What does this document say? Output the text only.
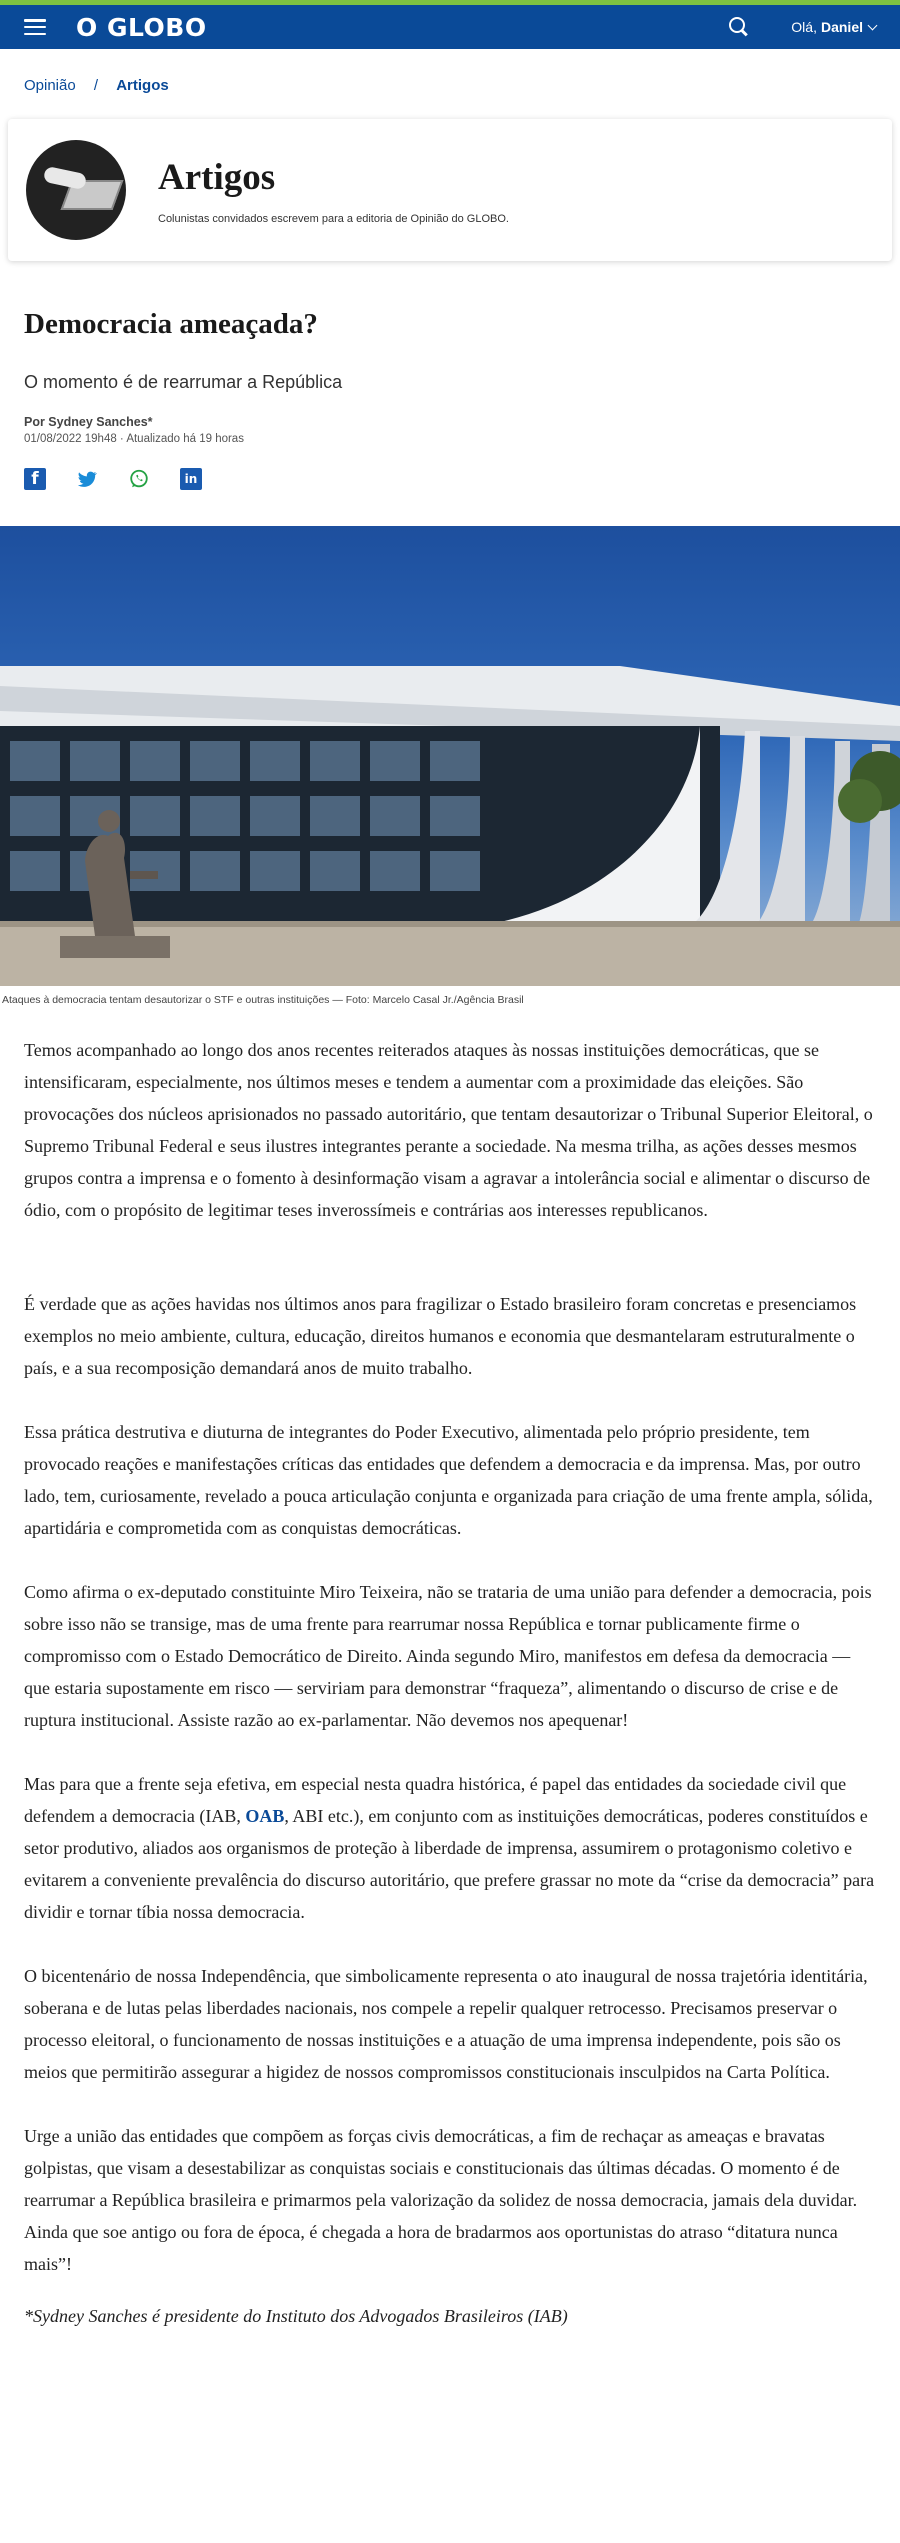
O GLOBO	Olá, Daniel
Opinião / Artigos
Artigos
Colunistas convidados escrevem para a editoria de Opinião do GLOBO.
Democracia ameaçada?
O momento é de rearrumar a República
Por Sydney Sanches*
01/08/2022 19h48 · Atualizado há 19 horas
f	in
Ataques à democracia tentam desautorizar o STF e outras instituições — Foto: Marcelo Casal Jr./Agência Brasil

Temos acompanhado ao longo dos anos recentes reiterados ataques às nossas instituições democráticas, que se intensificaram, especialmente, nos últimos meses e tendem a aumentar com a proximidade das eleições. São provocações dos núcleos aprisionados no passado autoritário, que tentam desautorizar o Tribunal Superior Eleitoral, o Supremo Tribunal Federal e seus ilustres integrantes perante a sociedade. Na mesma trilha, as ações desses mesmos grupos contra a imprensa e o fomento à desinformação visam a agravar a intolerância social e alimentar o discurso de ódio, com o propósito de legitimar teses inverossímeis e contrárias aos interesses republicanos.

É verdade que as ações havidas nos últimos anos para fragilizar o Estado brasileiro foram concretas e presenciamos exemplos no meio ambiente, cultura, educação, direitos humanos e economia que desmantelaram estruturalmente o país, e a sua recomposição demandará anos de muito trabalho.

Essa prática destrutiva e diuturna de integrantes do Poder Executivo, alimentada pelo próprio presidente, tem provocado reações e manifestações críticas das entidades que defendem a democracia e da imprensa. Mas, por outro lado, tem, curiosamente, revelado a pouca articulação conjunta e organizada para criação de uma frente ampla, sólida, apartidária e comprometida com as conquistas democráticas.

Como afirma o ex-deputado constituinte Miro Teixeira, não se trataria de uma união para defender a democracia, pois sobre isso não se transige, mas de uma frente para rearrumar nossa República e tornar publicamente firme o compromisso com o Estado Democrático de Direito. Ainda segundo Miro, manifestos em defesa da democracia — que estaria supostamente em risco — serviriam para demonstrar “fraqueza”, alimentando o discurso de crise e de ruptura institucional. Assiste razão ao ex-parlamentar. Não devemos nos apequenar!

Mas para que a frente seja efetiva, em especial nesta quadra histórica, é papel das entidades da sociedade civil que defendem a democracia (IAB, OAB, ABI etc.), em conjunto com as instituições democráticas, poderes constituídos e setor produtivo, aliados aos organismos de proteção à liberdade de imprensa, assumirem o protagonismo coletivo e evitarem a conveniente prevalência do discurso autoritário, que prefere grassar no mote da “crise da democracia” para dividir e tornar tíbia nossa democracia.

O bicentenário de nossa Independência, que simbolicamente representa o ato inaugural de nossa trajetória identitária, soberana e de lutas pelas liberdades nacionais, nos compele a repelir qualquer retrocesso. Precisamos preservar o processo eleitoral, o funcionamento de nossas instituições e a atuação de uma imprensa independente, pois são os meios que permitirão assegurar a higidez de nossos compromissos constitucionais insculpidos na Carta Política.

Urge a união das entidades que compõem as forças civis democráticas, a fim de rechaçar as ameaças e bravatas golpistas, que visam a desestabilizar as conquistas sociais e constitucionais das últimas décadas. O momento é de rearrumar a República brasileira e primarmos pela valorização da solidez de nossa democracia, jamais dela duvidar. Ainda que soe antigo ou fora de época, é chegada a hora de bradarmos aos oportunistas do atraso “ditatura nunca mais”!

*Sydney Sanches é presidente do Instituto dos Advogados Brasileiros (IAB)
